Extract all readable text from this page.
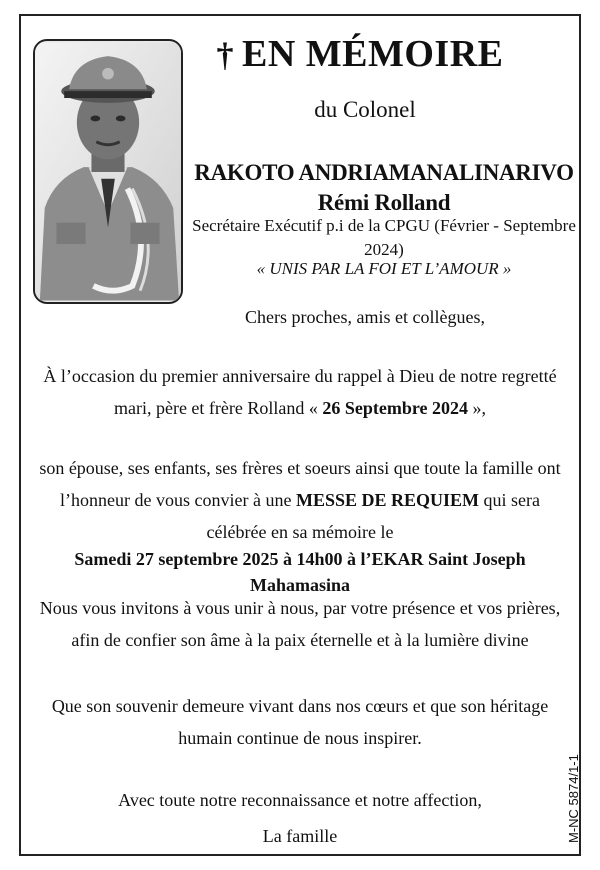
† EN MÉMOIRE
du Colonel
RAKOTO ANDRIAMANALINARIVO Rémi Rolland
Secrétaire Exécutif p.i de la CPGU (Février - Septembre 2024)
« UNIS PAR LA FOI ET L’AMOUR »
Chers proches, amis et collègues,
À l’occasion du premier anniversaire du rappel à Dieu de notre regretté mari, père et frère Rolland « 26 Septembre 2024 »,
son épouse, ses enfants, ses frères et soeurs ainsi que toute la famille ont l’honneur de vous convier à une MESSE DE REQUIEM qui sera célébrée en sa mémoire le
Samedi 27 septembre 2025 à 14h00 à l’EKAR Saint Joseph Mahamasina
Nous vous invitons à vous unir à nous, par votre présence et vos prières, afin de confier son âme à la paix éternelle et à la lumière divine
Que son souvenir demeure vivant dans nos cœurs et que son héritage humain continue de nous inspirer.
Avec toute notre reconnaissance et notre affection,
La famille	M-NC 5874/1-1
